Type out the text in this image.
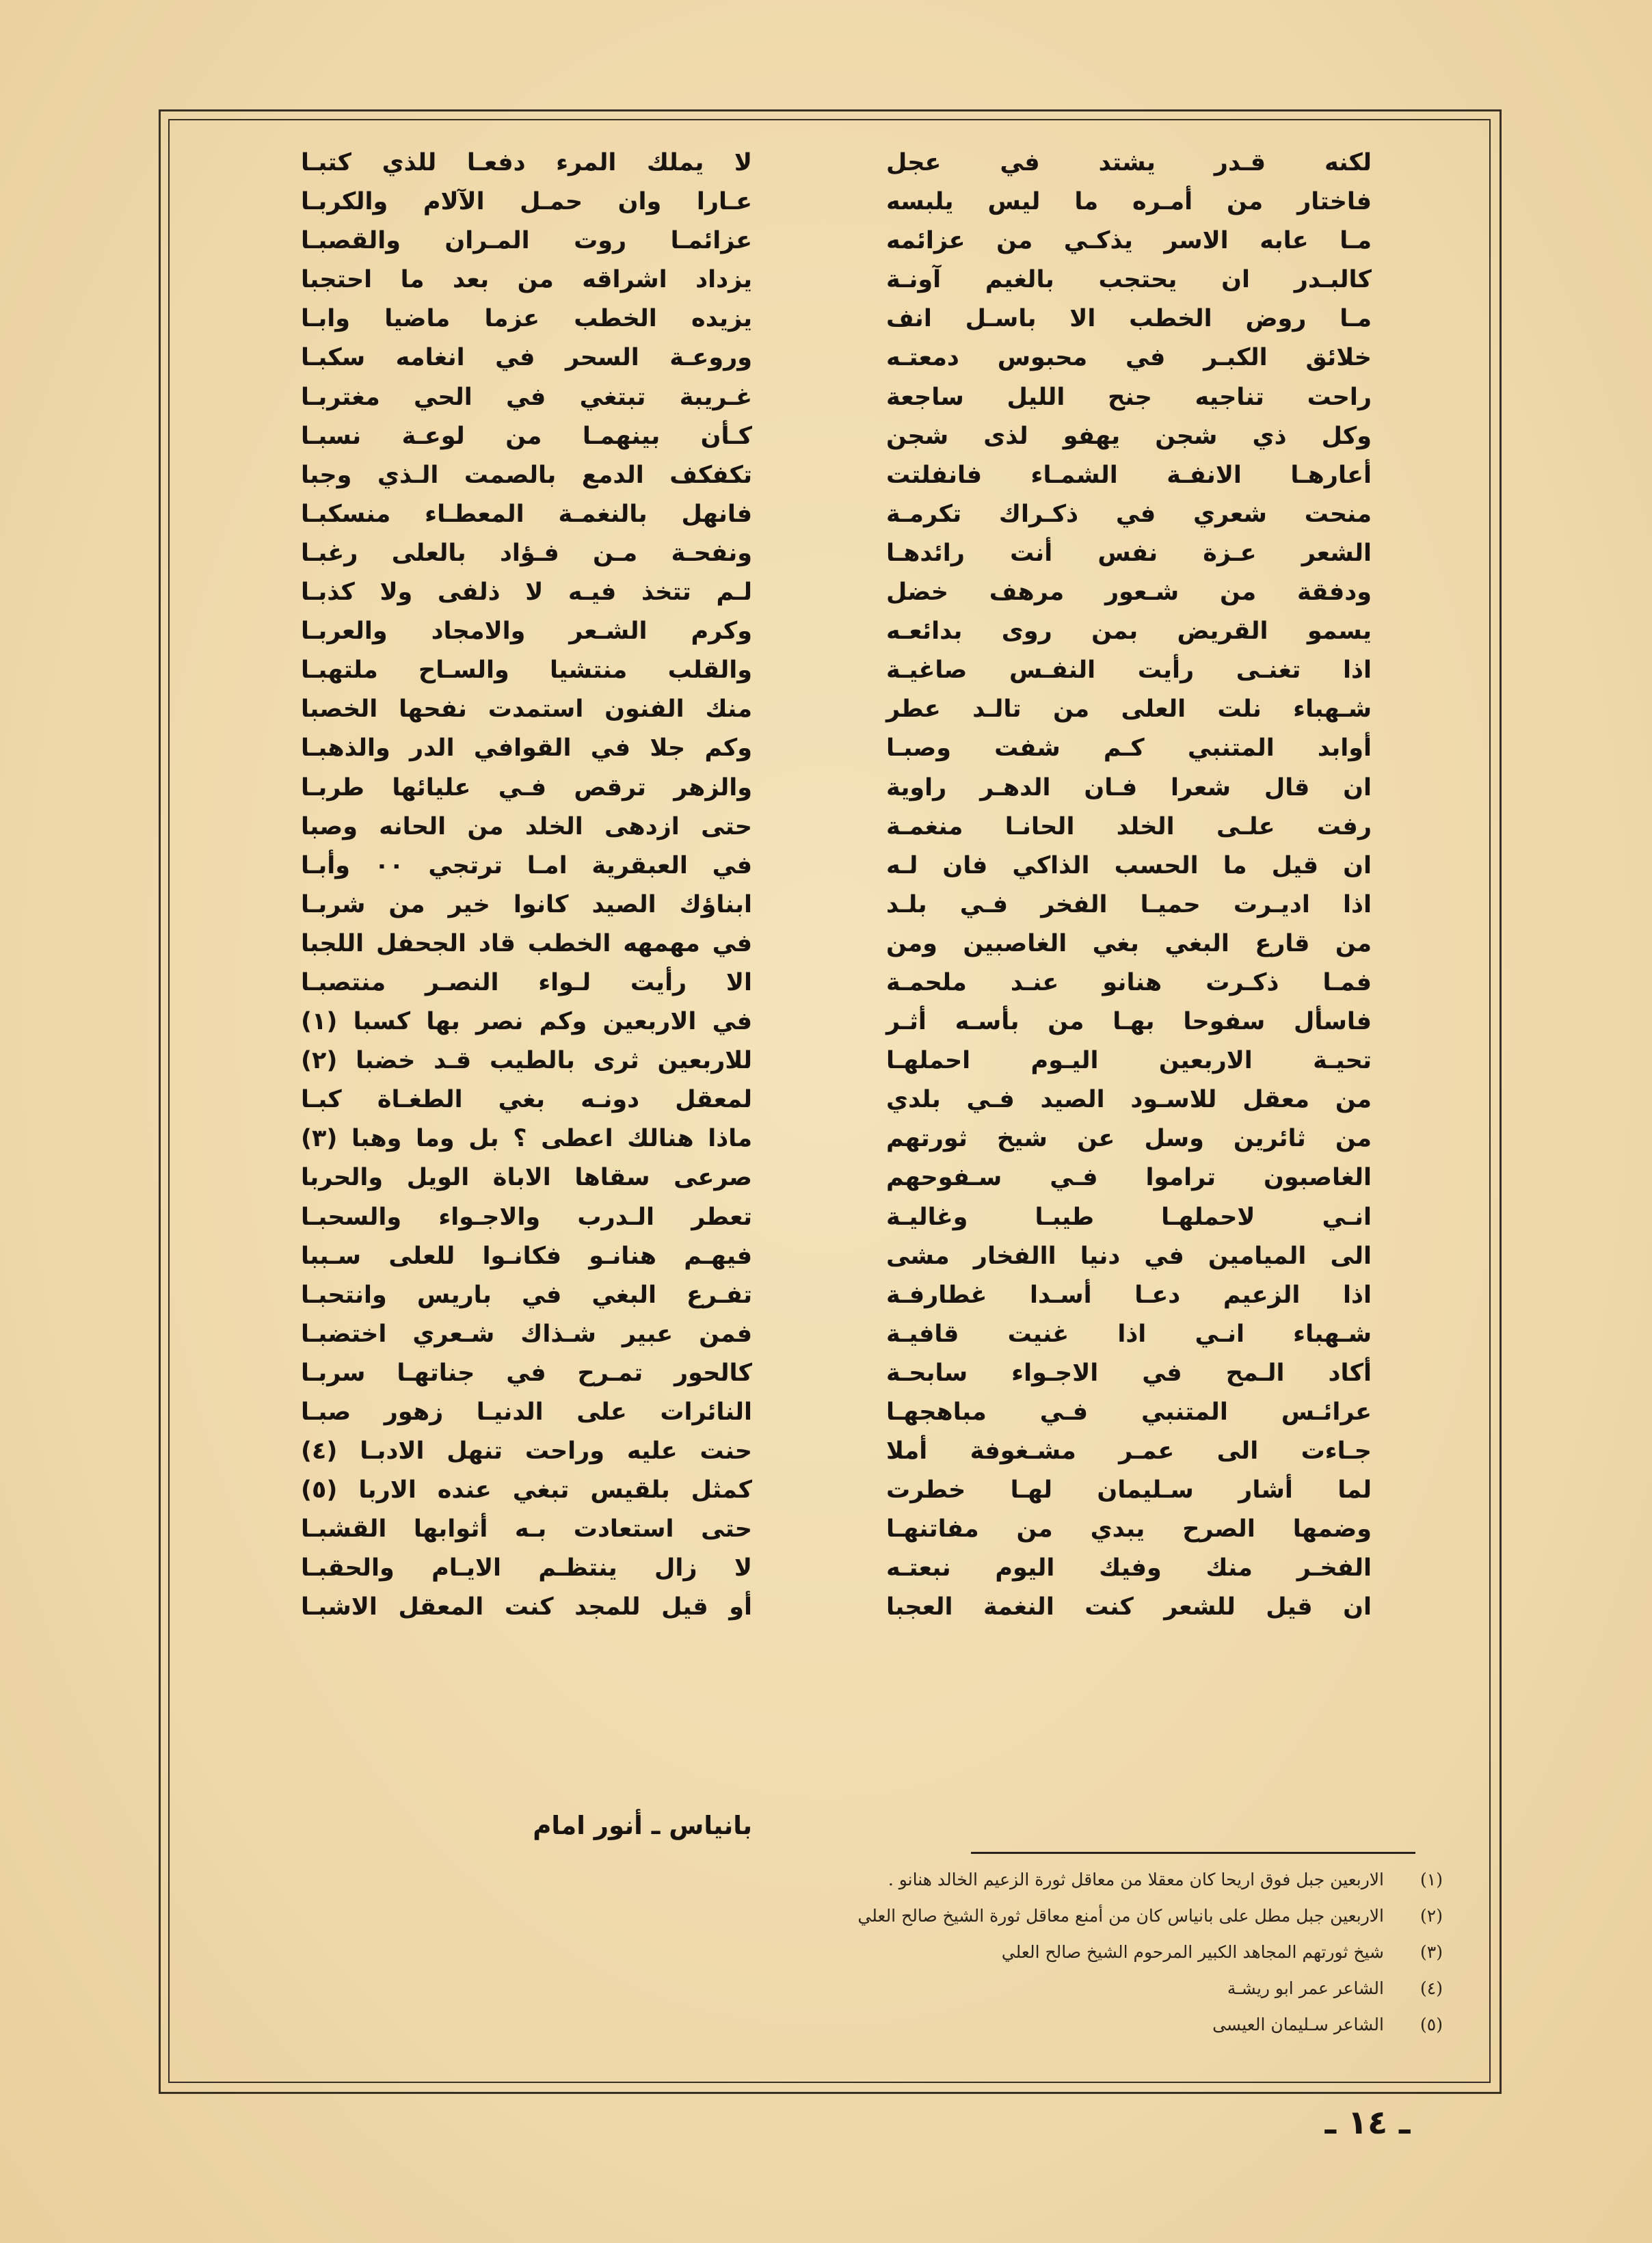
لكنه قـدر يشتد في عجل
فاختار من أمـره ما ليس يلبسه
مـا عابه الاسر يذكـي من عزائمه
كالبـدر ان يحتجب بالغيم آونـة
مـا روض الخطب الا باسـل انف
خلائق الكبـر في محبوس دمعتـه
راحت تناجيه جنح الليل ساجعة
وكل ذي شجن يهفو لذى شجن
أعارهـا الانفـة الشمـاء فانفلتت
منحت شعري في ذكـراك تكرمـة
الشعر عـزة نفس أنت رائدهـا
ودفقة من شـعور مرهف خضل
يسمو القريض بمن روى بدائعـه
اذا تغنـى رأيت النفـس صاغيـة
شـهباء نلت العلى من تالـد عطر
أوابد المتنبي كـم شفت وصبـا
ان قال شعرا فـان الدهـر راوية
رفت علـى الخلد الحانـا منغمـة
ان قيل ما الحسب الذاكي فان لـه
اذا اديـرت حميـا الفخر فـي بلـد
من قارع البغي بغي الغاصبين ومن
فمـا ذكـرت هنانو عنـد ملحمـة
فاسأل سفوحا بهـا من بأسـه أثـر
تحيـة الاربعين اليـوم احملهـا
من معقل للاسـود الصيد فـي بلدي
من ثائرين وسل عن شيخ ثورتهم
الغاصبون تراموا فـي سـفوحهم
انـي لاحملهـا طيبـا وغاليـة
الى الميامين في دنيا االفخار مشى
اذا الزعيم دعـا أسـدا غطارفـة
شـهباء انـي اذا غنيت قافيـة
أكاد الـمح في الاجـواء سابحـة
عرائـس المتنبي فـي مباهجهـا
جـاءت الى عمـر مشـغوفة أملا
لما أشار سـليمان لهـا خطرت
وضمها الصرح يبدي من مفاتنهـا
الفخـر منك وفيك اليوم نبعتـه
ان قيل للشعر كنت النغمة العجبا
لا يملك المرء دفعـا للذي كتبـا
عـارا وان حمـل الآلام والكربـا
عزائمـا روت المـران والقصبـا
يزداد اشراقه من بعد ما احتجبا
يزيده الخطب عزما ماضيا وابـا
وروعـة السحر في انغامه سكبـا
غـريبة تبتغي في الحي مغتربـا
كـأن بينهمـا من لوعـة نسبـا
تكفكف الدمع بالصمت الـذي وجبا
فانهل بالنغمـة المعطـاء منسكبـا
ونفحـة مـن فـؤاد بالعلى رغبـا
لـم تتخذ فيـه لا ذلفى ولا كذبـا
وكرم الشـعر والامجاد والعربـا
والقلب منتشيا والسـاح ملتهبـا
منك الفنون استمدت نفحها الخصبا
وكم جلا في القوافي الدر والذهبـا
والزهر ترقص فـي عليائها طربـا
حتى ازدهى الخلد من الحانه وصبا
في العبقرية امـا ترتجي ٠٠ وأبـا
ابناؤك الصيد كانوا خير من شربـا
في مهمهه الخطب قاد الجحفل اللجبا
الا رأيت لـواء النصـر منتصبـا
في الاربعين وكم نصر بها كسبا (١)
للاربعين ثرى بالطيب قـد خضبا (٢)
لمعقل دونـه بغي الطغـاة كبـا
ماذا هنالك اعطى ؟ بل وما وهبا (٣)
صرعى سقاها الاباة الويل والحربا
تعطر الـدرب والاجـواء والسحبـا
فيهـم هنانـو فكانـوا للعلى سـببا
تفـرع البغي في باريس وانتحبـا
فمن عبير شـذاك شـعري اختضبـا
كالحور تمـرح في جناتهـا سربـا
النائرات على الدنيـا زهور صبـا
حنت عليه وراحت تنهل الادبـا (٤)
كمثل بلقيس تبغي عنده الاربا (٥)
حتى استعادت بـه أثوابها القشبـا
لا زال ينتظـم الايـام والحقبـا
أو قيل للمجد كنت المعقل الاشبـا
بانياس ـ أنور امام
(١)
الاربعين جبل فوق اريحا كان معقلا من معاقل ثورة الزعيم الخالد هنانو .
(٢)
الاربعين جبل مطل على بانياس كان من أمنع معاقل ثورة الشيخ صالح العلي
(٣)
شيخ ثورتهم المجاهد الكبير المرحوم الشيخ صالح العلي
(٤)
الشاعر عمر ابو ريشـة
(٥)
الشاعر سـليمان العيسى
ـ ١٤ ـ
